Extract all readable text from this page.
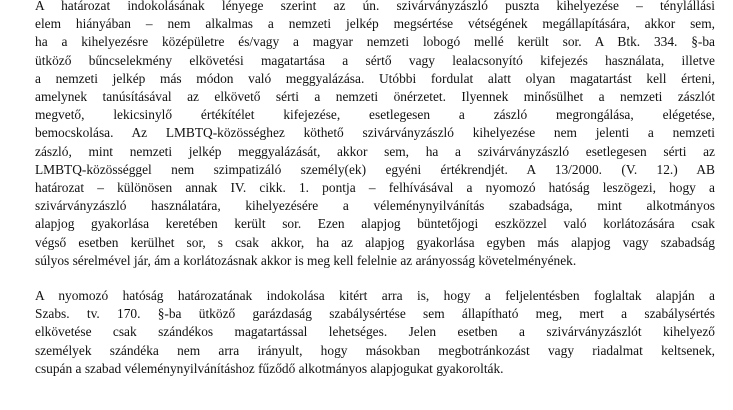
A határozat indokolásának lényege szerint az ún. szivárványzászló puszta kihelyezése – ténylállási
elem hiányában – nem alkalmas a nemzeti jelkép megsértése vétségének megállapítására, akkor sem,
ha a kihelyezésre középületre és/vagy a magyar nemzeti lobogó mellé került sor. A Btk. 334. §-ba
ütköző bűncselekmény elkövetési magatartása a sértő vagy lealacsonyító kifejezés használata, illetve
a nemzeti jelkép más módon való meggyalázása. Utóbbi fordulat alatt olyan magatartást kell érteni,
amelynek tanúsításával az elkövető sérti a nemzeti önérzetet. Ilyennek minősülhet a nemzeti zászlót
megvető, lekicsinylő értékítélet kifejezése, esetlegesen a zászló megrongálása, elégetése,
bemocskolása. Az LMBTQ-közösséghez köthető szivárványzászló kihelyezése nem jelenti a nemzeti
zászló, mint nemzeti jelkép meggyalázását, akkor sem, ha a szivárványzászló esetlegesen sérti az
LMBTQ-közösséggel nem szimpatizáló személy(ek) egyéni értékrendjét. A 13/2000. (V. 12.) AB
határozat – különösen annak IV. cikk. 1. pontja – felhívásával a nyomozó hatóság leszögezi, hogy a
szivárványzászló használatára, kihelyezésére a véleménynyilvánítás szabadsága, mint alkotmányos
alapjog gyakorlása keretében került sor. Ezen alapjog büntetőjogi eszközzel való korlátozására csak
végső esetben kerülhet sor, s csak akkor, ha az alapjog gyakorlása egyben más alapjog vagy szabadság
súlyos sérelmével jár, ám a korlátozásnak akkor is meg kell felelnie az arányosság követelményének.
A nyomozó hatóság határozatának indokolása kitért arra is, hogy a feljelentésben foglaltak alapján a
Szabs. tv. 170. §-ba ütköző garázdaság szabálysértése sem állapítható meg, mert a szabálysértés
elkövetése csak szándékos magatartással lehetséges. Jelen esetben a szivárványzászlót kihelyező
személyek szándéka nem arra irányult, hogy másokban megbotránkozást vagy riadalmat keltsenek,
csupán a szabad véleménynyilvánításhoz fűződő alkotmányos alapjogukat gyakorolták.
